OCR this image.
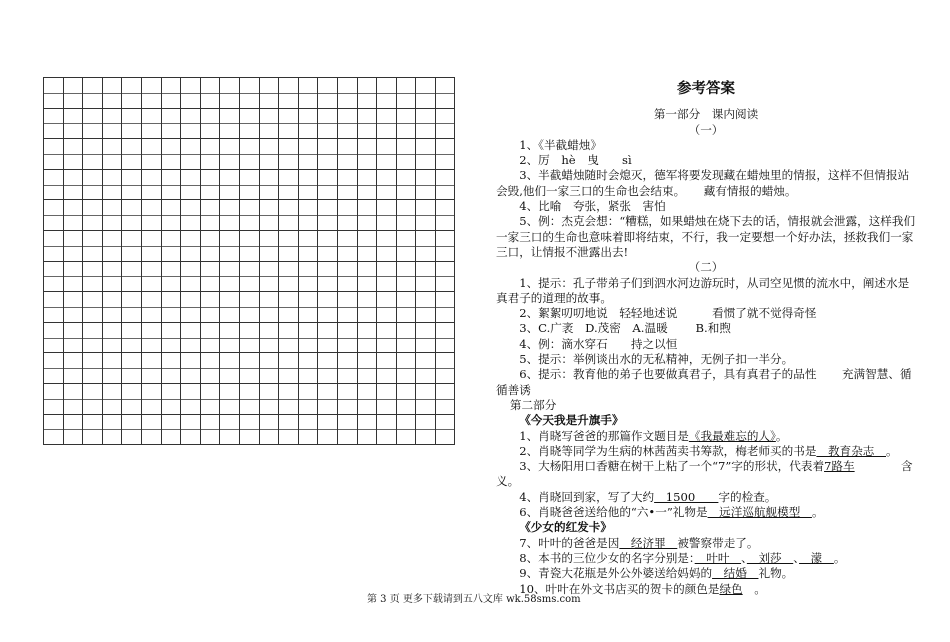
参考答案
第一部分　课内阅读
（一）
1、《半截蜡烛》
2、厉　hè　曳　　sì
3、半截蜡烛随时会熄灭，德军将要发现藏在蜡烛里的情报，这样不但情报站会毁,他们一家三口的生命也会结束。 藏有情报的蜡烛。
4、比喻　夸张，紧张　害怕
5、例：杰克会想：“糟糕，如果蜡烛在烧下去的话，情报就会泄露，这样我们一家三口的生命也意味着即将结束，不行，我一定要想一个好办法，拯救我们一家三口，让情报不泄露出去!
（二）
1、提示：孔子带弟子们到泗水河边游玩时，从司空见惯的流水中，阐述水是真君子的道理的故事。
2、絮絮叨叨地说　轻轻地述说	看惯了就不觉得奇怪
3、C.广袤　D.茂密　A.温暖 B.和煦
4、例：滴水穿石　　持之以恒
5、提示：举例谈出水的无私精神，无例子扣一半分。
6、提示：教育他的弟子也要做真君子，具有真君子的品性 充满智慧、循循善诱
第二部分
《今天我是升旗手》
1、肖晓写爸爸的那篇作文题目是《我最难忘的人》。
2、肖晓等同学为生病的林茜茜卖书筹款，梅老师买的书是　教育杂志　。
3、大杨阳用口香糖在树干上粘了一个“7”字的形状，代表着7路车　　　　含义。
4、肖晓回到家，写了大约　1500　　字的检查。
6、肖晓爸爸送给他的“六•一”礼物是　远洋巡航舰模型　。
《少女的红发卡》
7、叶叶的爸爸是因　经济罪　被警察带走了。
8、本书的三位少女的名字分别是：　叶叶　、　刘莎　、　濛　。
9、青瓷大花瓶是外公外婆送给妈妈的　结婚　礼物。
10、叶叶在外文书店买的贺卡的颜色是绿色　。
第 3 页 更多下载请到五八文库 wk.58sms.com
